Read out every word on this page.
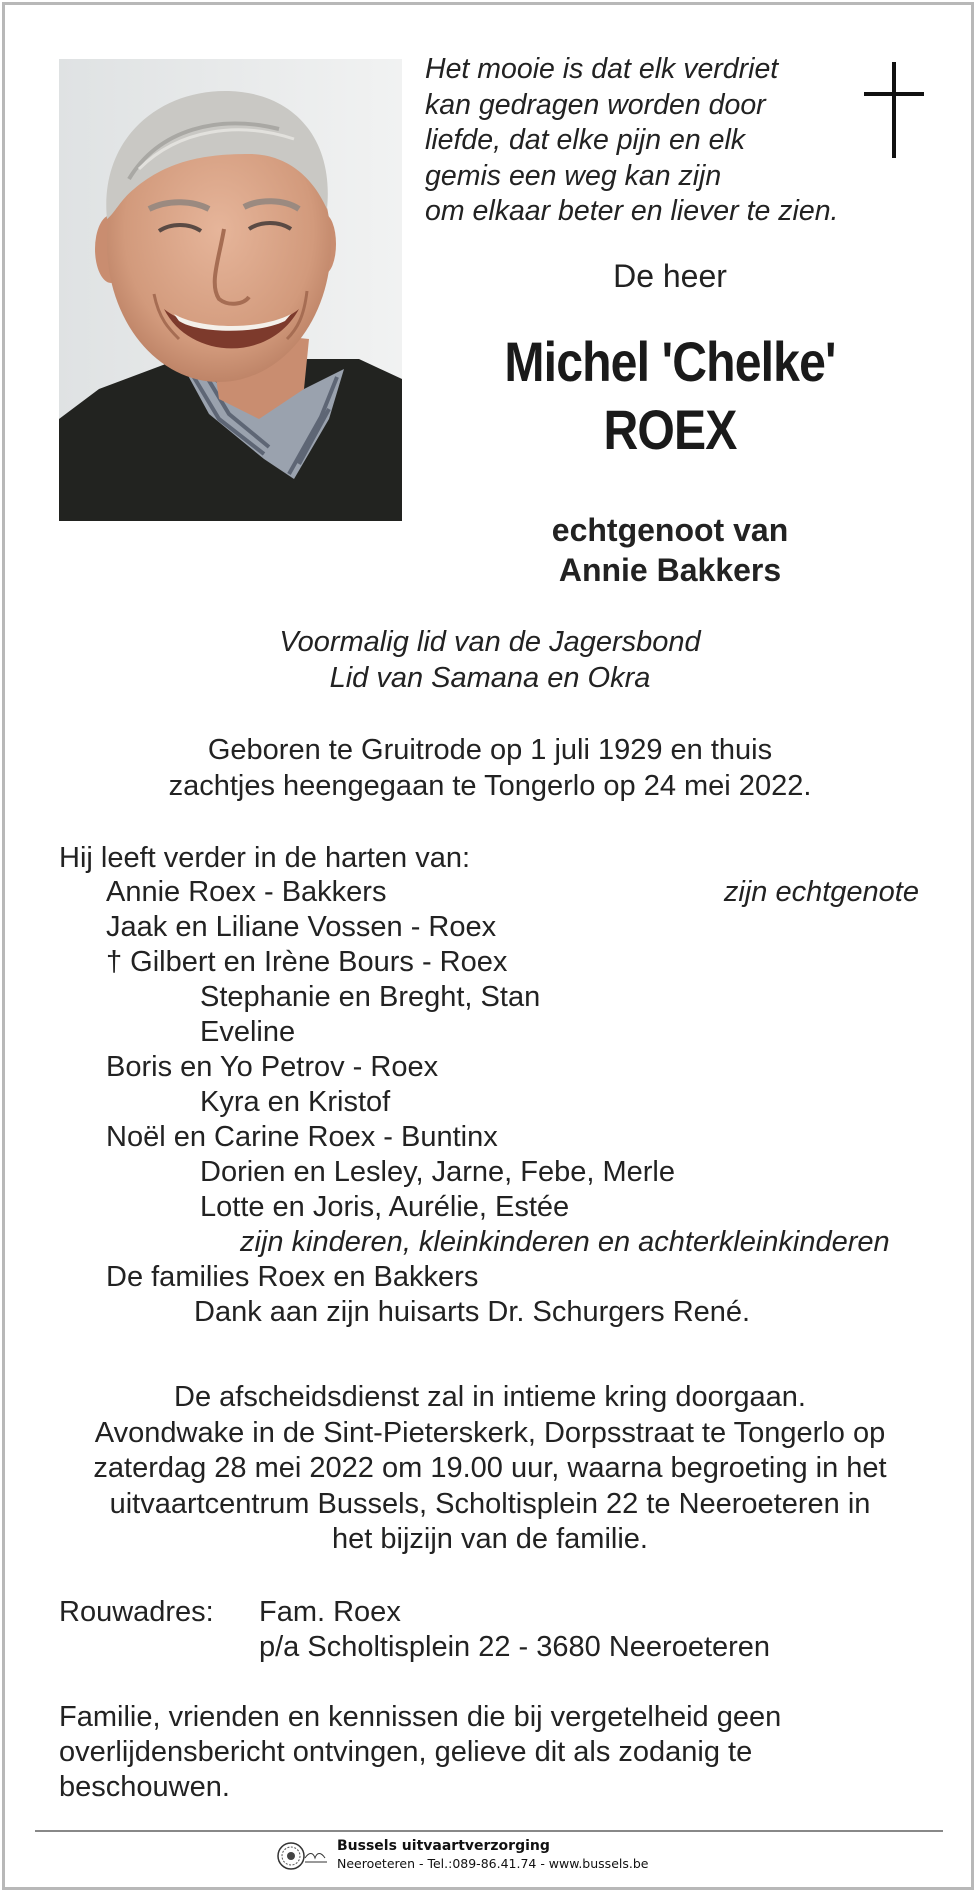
Het mooie is dat elk verdriet
kan gedragen worden door
liefde, dat elke pijn en elk
gemis een weg kan zijn
om elkaar beter en liever te zien.
De heer
Michel 'Chelke'
ROEX
echtgenoot van
Annie Bakkers
Voormalig lid van de Jagersbond
Lid van Samana en Okra
Geboren te Gruitrode op 1 juli 1929 en thuis
zachtjes heengegaan te Tongerlo op 24 mei 2022.
Hij leeft verder in de harten van:
Annie Roex - Bakkers	zijn echtgenote
Jaak en Liliane Vossen - Roex
† Gilbert en Irène Bours - Roex
Stephanie en Breght, Stan
Eveline
Boris en Yo Petrov - Roex
Kyra en Kristof
Noël en Carine Roex - Buntinx
Dorien en Lesley, Jarne, Febe, Merle
Lotte en Joris, Aurélie, Estée
zijn kinderen, kleinkinderen en achterkleinkinderen
De families Roex en Bakkers
Dank aan zijn huisarts Dr. Schurgers René.
De afscheidsdienst zal in intieme kring doorgaan.
Avondwake in de Sint-Pieterskerk, Dorpsstraat te Tongerlo op
zaterdag 28 mei 2022 om 19.00 uur, waarna begroeting in het
uitvaartcentrum Bussels, Scholtisplein 22 te Neeroeteren in
het bijzijn van de familie.
Rouwadres: Fam. Roex
p/a Scholtisplein 22 - 3680 Neeroeteren
Familie, vrienden en kennissen die bij vergetelheid geen
overlijdensbericht ontvingen, gelieve dit als zodanig te
beschouwen.
Bussels uitvaartverzorging
Neeroeteren - Tel.:089-86.41.74 - www.bussels.be
